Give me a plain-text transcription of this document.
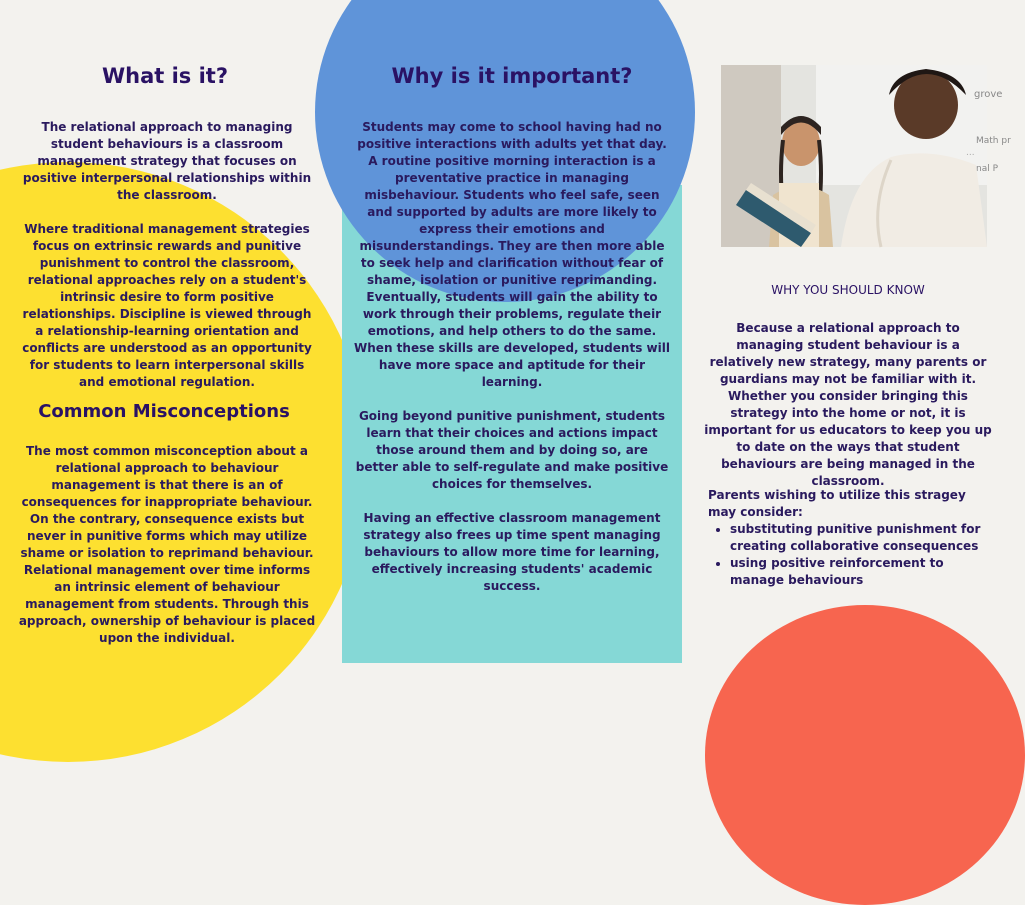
What is it?

The relational approach to managing student behaviours is a classroom management strategy that focuses on positive interpersonal relationships within the classroom.

Where traditional management strategies focus on extrinsic rewards and punitive punishment to control the classroom, relational approaches rely on a student's intrinsic desire to form positive relationships. Discipline is viewed through a relationship-learning orientation and conflicts are understood as an opportunity for students to learn interpersonal skills and emotional regulation.

Common Misconceptions

The most common misconception about a relational approach to behaviour management is that there is an of consequences for inappropriate behaviour. On the contrary, consequence exists but never in punitive forms which may utilize shame or isolation to reprimand behaviour. Relational management over time informs an intrinsic element of behaviour management from students. Through this approach, ownership of behaviour is placed upon the individual.

Why is it important?

Students may come to school having had no positive interactions with adults yet that day. A routine positive morning interaction is a preventative practice in managing misbehaviour. Students who feel safe, seen and supported by adults are more likely to express their emotions and misunderstandings. They are then more able to seek help and clarification without fear of shame, isolation or punitive reprimanding. Eventually, students will gain the ability to work through their problems, regulate their emotions, and help others to do the same. When these skills are developed, students will have more space and aptitude for their learning.

Going beyond punitive punishment, students learn that their choices and actions impact those around them and by doing so, are better able to self-regulate and make positive choices for themselves.

Having an effective classroom management strategy also frees up time spent managing behaviours to allow more time for learning, effectively increasing students' academic success.

grove
Math pr
...
nal P
WHY YOU SHOULD KNOW

Because a relational approach to managing student behaviour is a relatively new strategy, many parents or guardians may not be familiar with it. Whether you consider bringing this strategy into the home or not, it is important for us educators to keep you up to date on the ways that student behaviours are being managed in the classroom.

Parents wishing to utilize this stragey may consider:

• substituting punitive punishment for creating collaborative consequences
• using positive reinforcement to manage behaviours
